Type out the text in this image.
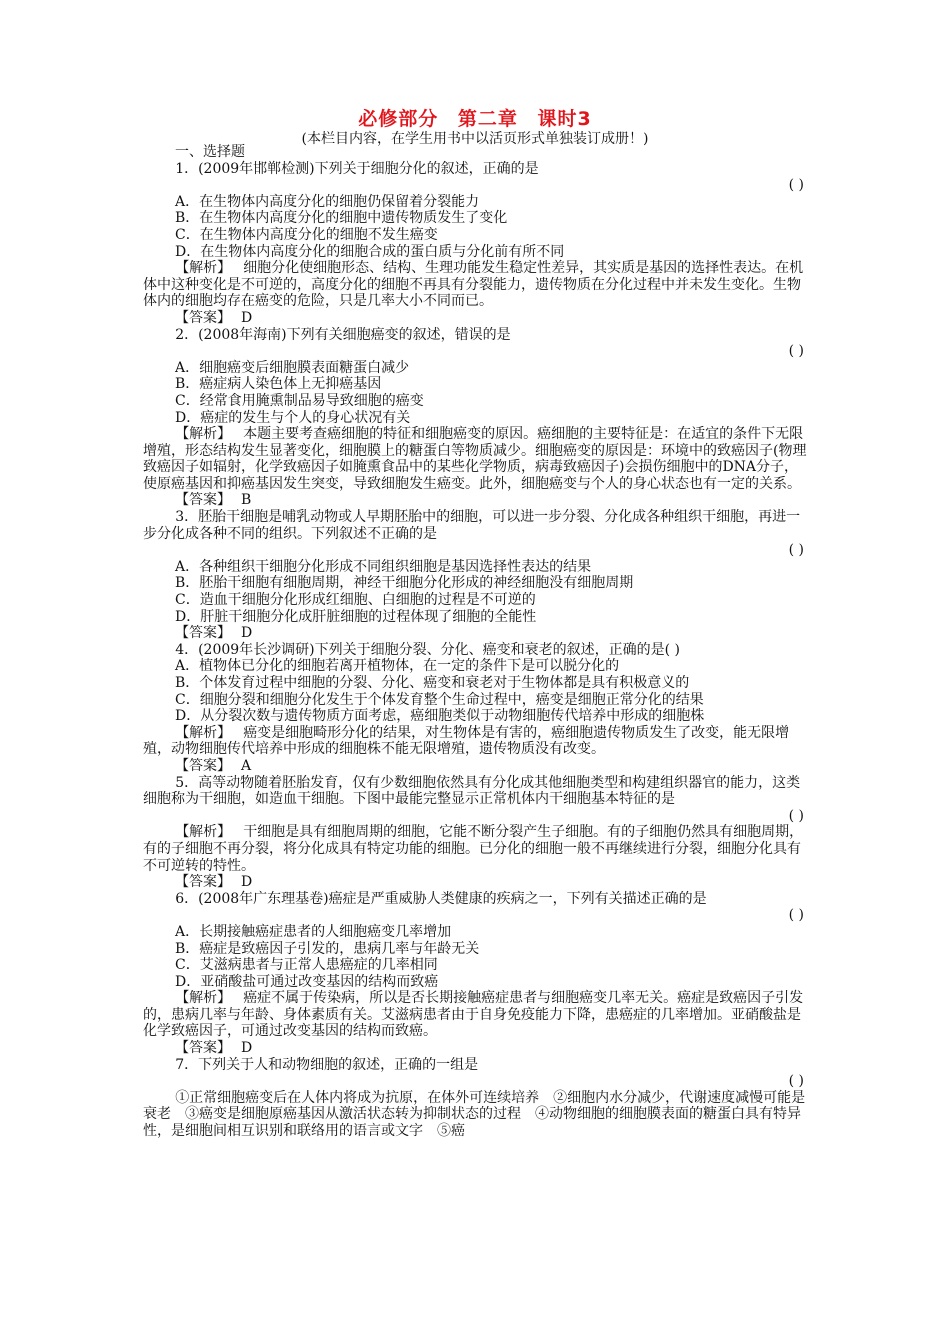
必修部分 第二章 课时3
(本栏目内容，在学生用书中以活页形式单独装订成册！)

一、选择题

1．(2009年邯郸检测)下列关于细胞分化的叙述，正确的是

( )

A．在生物体内高度分化的细胞仍保留着分裂能力

B．在生物体内高度分化的细胞中遗传物质发生了变化

C．在生物体内高度分化的细胞不发生癌变

D．在生物体内高度分化的细胞合成的蛋白质与分化前有所不同

【解析】 细胞分化使细胞形态、结构、生理功能发生稳定性差异，其实质是基因的选择性表达。在机体中这种变化是不可逆的，高度分化的细胞不再具有分裂能力，遗传物质在分化过程中并未发生变化。生物体内的细胞均存在癌变的危险，只是几率大小不同而已。

【答案】 D

2．(2008年海南)下列有关细胞癌变的叙述，错误的是

( )

A．细胞癌变后细胞膜表面糖蛋白减少

B．癌症病人染色体上无抑癌基因

C．经常食用腌熏制品易导致细胞的癌变

D．癌症的发生与个人的身心状况有关

【解析】 本题主要考查癌细胞的特征和细胞癌变的原因。癌细胞的主要特征是：在适宜的条件下无限增殖，形态结构发生显著变化，细胞膜上的糖蛋白等物质减少。细胞癌变的原因是：环境中的致癌因子(物理致癌因子如辐射，化学致癌因子如腌熏食品中的某些化学物质，病毒致癌因子)会损伤细胞中的DNA分子，使原癌基因和抑癌基因发生突变，导致细胞发生癌变。此外，细胞癌变与个人的身心状态也有一定的关系。

【答案】 B

3．胚胎干细胞是哺乳动物或人早期胚胎中的细胞，可以进一步分裂、分化成各种组织干细胞，再进一步分化成各种不同的组织。下列叙述不正确的是

( )

A．各种组织干细胞分化形成不同组织细胞是基因选择性表达的结果

B．胚胎干细胞有细胞周期，神经干细胞分化形成的神经细胞没有细胞周期

C．造血干细胞分化形成红细胞、白细胞的过程是不可逆的

D．肝脏干细胞分化成肝脏细胞的过程体现了细胞的全能性

【答案】 D

4．(2009年长沙调研)下列关于细胞分裂、分化、癌变和衰老的叙述，正确的是( )

A．植物体已分化的细胞若离开植物体，在一定的条件下是可以脱分化的

B．个体发育过程中细胞的分裂、分化、癌变和衰老对于生物体都是具有积极意义的

C．细胞分裂和细胞分化发生于个体发育整个生命过程中，癌变是细胞正常分化的结果

D．从分裂次数与遗传物质方面考虑，癌细胞类似于动物细胞传代培养中形成的细胞株

【解析】 癌变是细胞畸形分化的结果，对生物体是有害的，癌细胞遗传物质发生了改变，能无限增殖，动物细胞传代培养中形成的细胞株不能无限增殖，遗传物质没有改变。

【答案】 A

5．高等动物随着胚胎发育，仅有少数细胞依然具有分化成其他细胞类型和构建组织器官的能力，这类细胞称为干细胞，如造血干细胞。下图中最能完整显示正常机体内干细胞基本特征的是

( )

【解析】 干细胞是具有细胞周期的细胞，它能不断分裂产生子细胞。有的子细胞仍然具有细胞周期，有的子细胞不再分裂，将分化成具有特定功能的细胞。已分化的细胞一般不再继续进行分裂，细胞分化具有不可逆转的特性。

【答案】 D

6．(2008年广东理基卷)癌症是严重威胁人类健康的疾病之一，下列有关描述正确的是

( )

A．长期接触癌症患者的人细胞癌变几率增加

B．癌症是致癌因子引发的，患病几率与年龄无关

C．艾滋病患者与正常人患癌症的几率相同

D．亚硝酸盐可通过改变基因的结构而致癌

【解析】 癌症不属于传染病，所以是否长期接触癌症患者与细胞癌变几率无关。癌症是致癌因子引发的，患病几率与年龄、身体素质有关。艾滋病患者由于自身免疫能力下降，患癌症的几率增加。亚硝酸盐是化学致癌因子，可通过改变基因的结构而致癌。

【答案】 D

7．下列关于人和动物细胞的叙述，正确的一组是

( )

①正常细胞癌变后在人体内将成为抗原，在体外可连续培养　②细胞内水分减少，代谢速度减慢可能是衰老　③癌变是细胞原癌基因从激活状态转为抑制状态的过程　④动物细胞的细胞膜表面的糖蛋白具有特异性，是细胞间相互识别和联络用的语言或文字　⑤癌
